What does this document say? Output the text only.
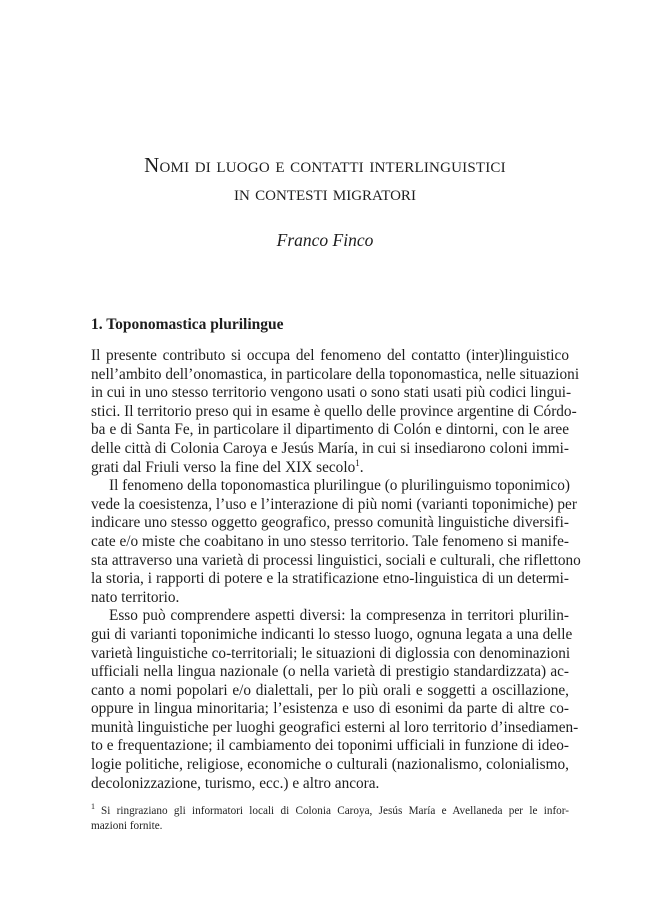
Nomi di luogo e contatti interlinguistici
in contesti migratori
Franco Finco
1. Toponomastica plurilingue
Il presente contributo si occupa del fenomeno del contatto (inter)linguistico
nell’ambito dell’onomastica, in particolare della toponomastica, nelle situazioni
in cui in uno stesso territorio vengono usati o sono stati usati più codici lingui-
stici. Il territorio preso qui in esame è quello delle province argentine di Córdo-
ba e di Santa Fe, in particolare il dipartimento di Colón e dintorni, con le aree
delle città di Colonia Caroya e Jesús María, in cui si insediarono coloni immi-
grati dal Friuli verso la fine del XIX secolo$^1$.
Il fenomeno della toponomastica plurilingue (o plurilinguismo toponimico)
vede la coesistenza, l’uso e l’interazione di più nomi (varianti toponimiche) per
indicare uno stesso oggetto geografico, presso comunità linguistiche diversifi-
cate e/o miste che coabitano in uno stesso territorio. Tale fenomeno si manife-
sta attraverso una varietà di processi linguistici, sociali e culturali, che riflettono
la storia, i rapporti di potere e la stratificazione etno-linguistica di un determi-
nato territorio.
Esso può comprendere aspetti diversi: la compresenza in territori plurilin-
gui di varianti toponimiche indicanti lo stesso luogo, ognuna legata a una delle
varietà linguistiche co-territoriali; le situazioni di diglossia con denominazioni
ufficiali nella lingua nazionale (o nella varietà di prestigio standardizzata) ac-
canto a nomi popolari e/o dialettali, per lo più orali e soggetti a oscillazione,
oppure in lingua minoritaria; l’esistenza e uso di esonimi da parte di altre co-
munità linguistiche per luoghi geografici esterni al loro territorio d’insediamen-
to e frequentazione; il cambiamento dei toponimi ufficiali in funzione di ideo-
logie politiche, religiose, economiche o culturali (nazionalismo, colonialismo,
decolonizzazione, turismo, ecc.) e altro ancora.
$^1$ Si ringraziano gli informatori locali di Colonia Caroya, Jesús María e Avellaneda per le infor-
mazioni fornite.
